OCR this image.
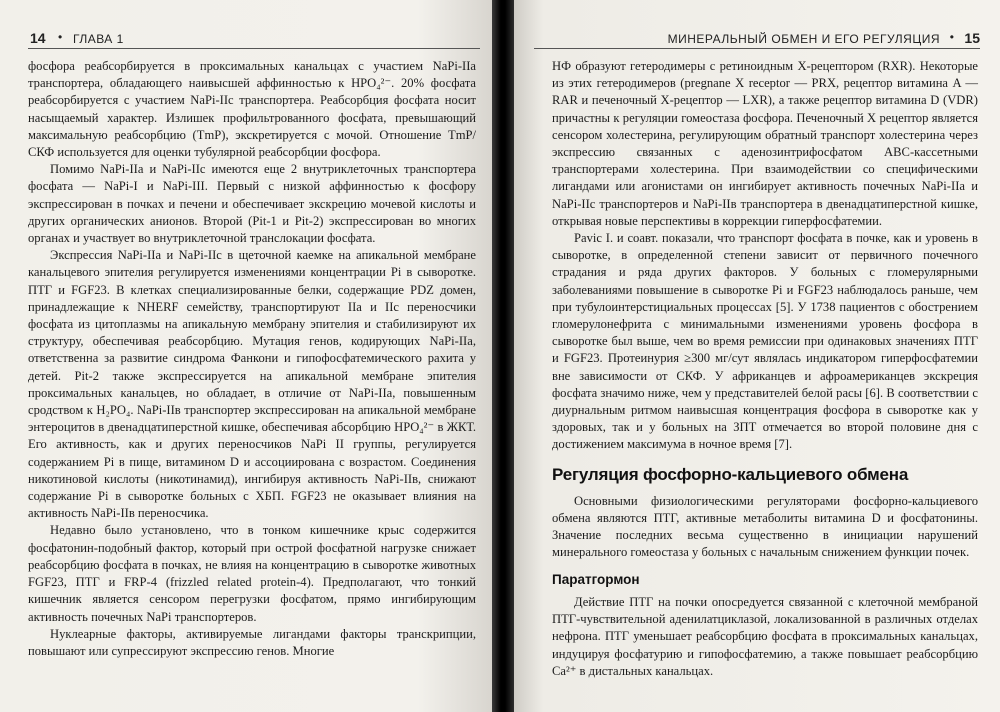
14 • ГЛАВА 1

фосфора реабсорбируется в проксимальных канальцах с участием NaPi-IIа транспортера, обладающего наивысшей аффинностью к HPO₄²⁻. 20% фосфата реабсорбируется с участием NaPi-IIс транспортера. Реабсорбция фосфата носит насыщаемый характер. Излишек профильтрованного фосфата, превышающий максимальную реабсорбцию (TmP), экскретируется с мочой. Отношение TmP/СКФ используется для оценки тубулярной реабсорбции фосфора.

Помимо NaPi-IIа и NaPi-IIс имеются еще 2 внутриклеточных транспортера фосфата — NaPi-I и NaPi-III. Первый с низкой аффинностью к фосфору экспрессирован в почках и печени и обеспечивает экскрецию мочевой кислоты и других органических анионов. Второй (Pit-1 и Pit-2) экспрессирован во многих органах и участвует во внутриклеточной транслокации фосфата.

Экспрессия NaPi-IIа и NaPi-IIс в щеточной каемке на апикальной мембране канальцевого эпителия регулируется изменениями концентрации Pi в сыворотке. ПТГ и FGF23. В клетках специализированные белки, содержащие PDZ домен, принадлежащие к NHERF семейству, транспортируют IIа и IIс переносчики фосфата из цитоплазмы на апикальную мембрану эпителия и стабилизируют их структуру, обеспечивая реабсорбцию. Мутация генов, кодирующих NaPi-IIа, ответственна за развитие синдрома Фанкони и гипофосфатемического рахита у детей. Pit-2 также экспрессируется на апикальной мембране эпителия проксимальных канальцев, но обладает, в отличие от NaPi-IIа, повышенным сродством к H₂PO₄. NaPi-IIв транспортер экспрессирован на апикальной мембране энтероцитов в двенадцатиперстной кишке, обеспечивая абсорбцию HPO₄²⁻ в ЖКТ. Его активность, как и других переносчиков NaPi II группы, регулируется содержанием Pi в пище, витамином D и ассоциирована с возрастом. Соединения никотиновой кислоты (никотинамид), ингибируя активность NaPi-IIв, снижают содержание Pi в сыворотке больных с ХБП. FGF23 не оказывает влияния на активность NaPi-IIв переносчика.

Недавно было установлено, что в тонком кишечнике крыс содержится фосфатонин-подобный фактор, который при острой фосфатной нагрузке снижает реабсорбцию фосфата в почках, не влияя на концентрацию в сыворотке животных FGF23, ПТГ и FRP-4 (frizzled related protein-4). Предполагают, что тонкий кишечник является сенсором перегрузки фосфатом, прямо ингибирующим активность почечных NaPi транспортеров.

Нуклеарные факторы, активируемые лигандами факторы транскрипции, повышают или супрессируют экспрессию генов. Многие

МИНЕРАЛЬНЫЙ ОБМЕН И ЕГО РЕГУЛЯЦИЯ • 15

НФ образуют гетеродимеры с ретиноидным X-рецептором (RXR). Некоторые из этих гетеродимеров (pregnane X receptor — PRX, рецептор витамина A — RAR и печеночный X-рецептор — LXR), а также рецептор витамина D (VDR) причастны к регуляции гомеостаза фосфора. Печеночный X рецептор является сенсором холестерина, регулирующим обратный транспорт холестерина через экспрессию связанных с аденозинтрифосфатом ABC-кассетными транспортерами холестерина. При взаимодействии со специфическими лигандами или агонистами он ингибирует активность почечных NaPi-IIа и NaPi-IIс транспортеров и NaPi-IIв транспортера в двенадцатиперстной кишке, открывая новые перспективы в коррекции гиперфосфатемии.

Pavic I. и соавт. показали, что транспорт фосфата в почке, как и уровень в сыворотке, в определенной степени зависит от первичного почечного страдания и ряда других факторов. У больных с гломерулярными заболеваниями повышение в сыворотке Pi и FGF23 наблюдалось раньше, чем при тубулоинтерстициальных процессах [5]. У 1738 пациентов с обострением гломерулонефрита с минимальными изменениями уровень фосфора в сыворотке был выше, чем во время ремиссии при одинаковых значениях ПТГ и FGF23. Протеинурия ≥300 мг/сут являлась индикатором гиперфосфатемии вне зависимости от СКФ. У африканцев и афроамериканцев экскреция фосфата значимо ниже, чем у представителей белой расы [6]. В соответствии с диурнальным ритмом наивысшая концентрация фосфора в сыворотке как у здоровых, так и у больных на ЗПТ отмечается во второй половине дня с достижением максимума в ночное время [7].

Регуляция фосфорно-кальциевого обмена

Основными физиологическими регуляторами фосфорно-кальциевого обмена являются ПТГ, активные метаболиты витамина D и фосфатонины. Значение последних весьма существенно в инициации нарушений минерального гомеостаза у больных с начальным снижением функции почек.

Паратгормон

Действие ПТГ на почки опосредуется связанной с клеточной мембраной ПТГ-чувствительной аденилатциклазой, локализованной в различных отделах нефрона. ПТГ уменьшает реабсорбцию фосфата в проксимальных канальцах, индуцируя фосфатурию и гипофосфатемию, а также повышает реабсорбцию Ca²⁺ в дистальных канальцах.
